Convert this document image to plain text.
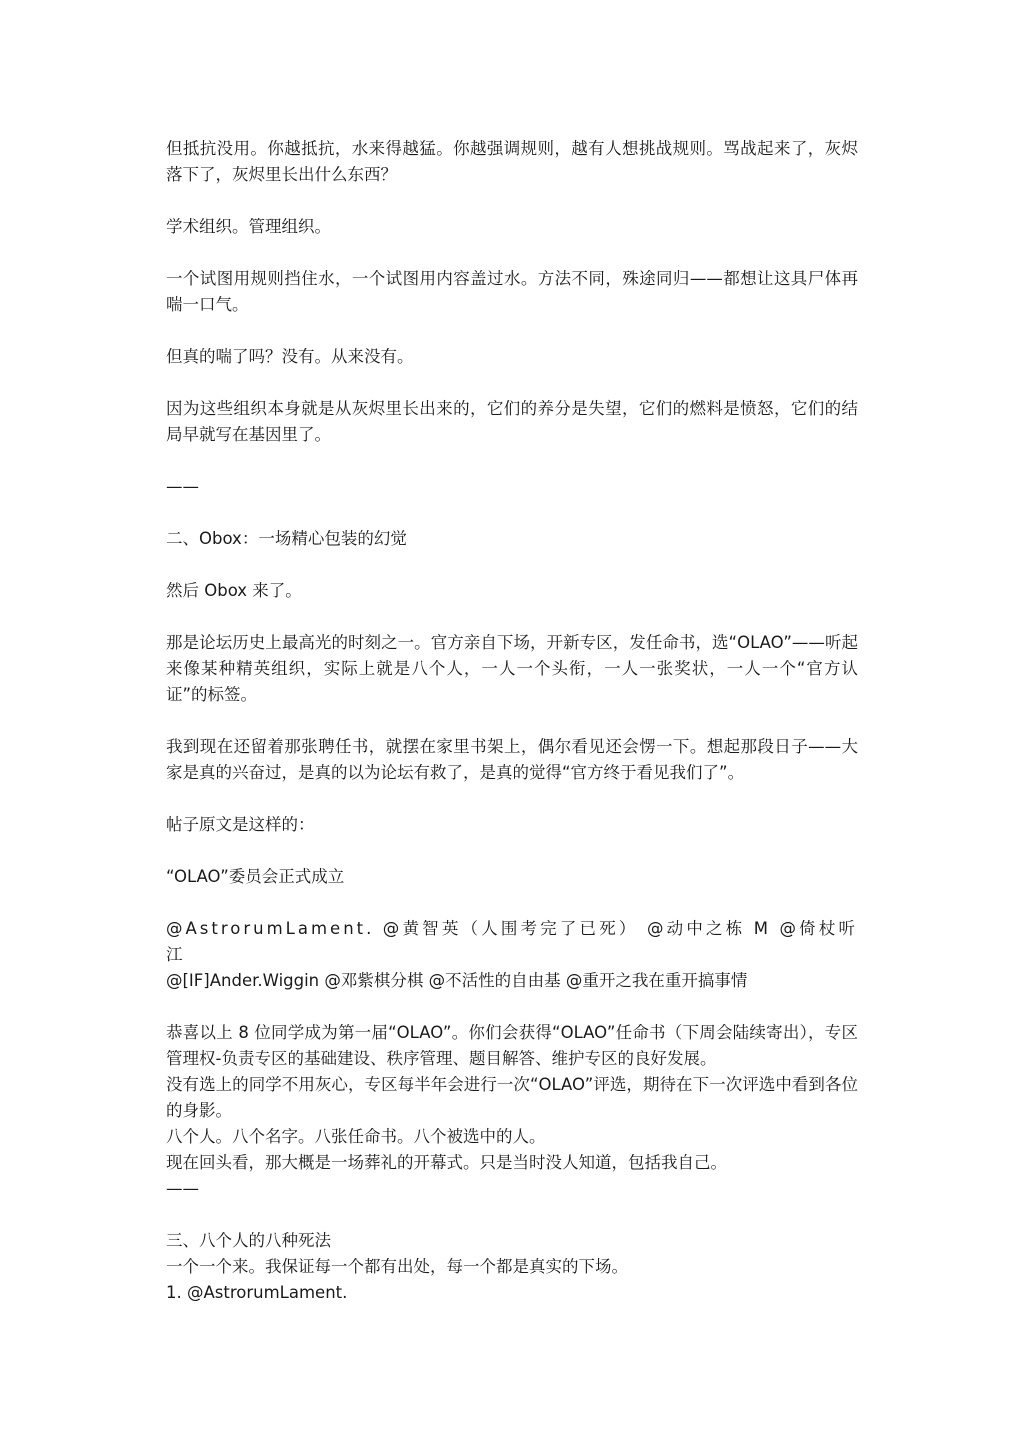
但抵抗没用。你越抵抗，水来得越猛。你越强调规则，越有人想挑战规则。骂战起来了，灰烬落下了，灰烬里长出什么东西？

学术组织。管理组织。

一个试图用规则挡住水，一个试图用内容盖过水。方法不同，殊途同归——都想让这具尸体再喘一口气。

但真的喘了吗？没有。从来没有。

因为这些组织本身就是从灰烬里长出来的，它们的养分是失望，它们的燃料是愤怒，它们的结局早就写在基因里了。

——

二、Obox：一场精心包装的幻觉

然后 Obox 来了。

那是论坛历史上最高光的时刻之一。官方亲自下场，开新专区，发任命书，选“OLAO”——听起来像某种精英组织，实际上就是八个人，一人一个头衔，一人一张奖状，一人一个“官方认证”的标签。

我到现在还留着那张聘任书，就摆在家里书架上，偶尔看见还会愣一下。想起那段日子——大家是真的兴奋过，是真的以为论坛有救了，是真的觉得“官方终于看见我们了”。

帖子原文是这样的：

“OLAO”委员会正式成立

@AstrorumLament. @黄智英（人围考完了已死） @动中之栋 M @倚杖听江

@[IF]Ander.Wiggin @邓紫棋分棋 @不活性的自由基 @重开之我在重开搞事情

恭喜以上 8 位同学成为第一届“OLAO”。你们会获得“OLAO”任命书（下周会陆续寄出），专区管理权-负责专区的基础建设、秩序管理、题目解答、维护专区的良好发展。

没有选上的同学不用灰心，专区每半年会进行一次“OLAO”评选，期待在下一次评选中看到各位的身影。

八个人。八个名字。八张任命书。八个被选中的人。

现在回头看，那大概是一场葬礼的开幕式。只是当时没人知道，包括我自己。

——

三、八个人的八种死法

一个一个来。我保证每一个都有出处，每一个都是真实的下场。

1. @AstrorumLament.
